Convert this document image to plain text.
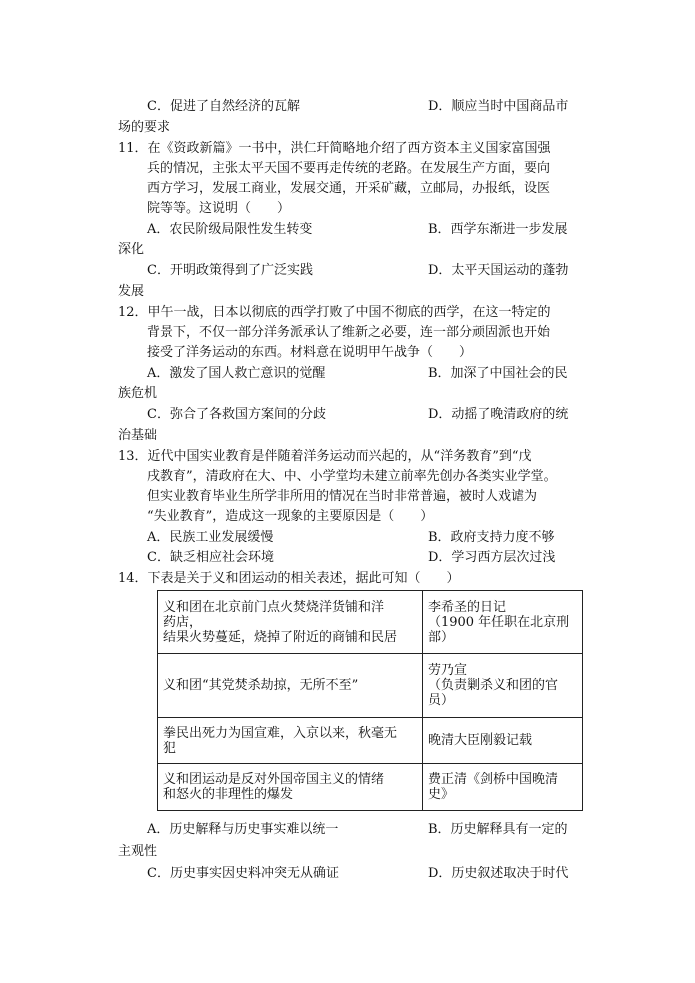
C．促进了自然经济的瓦解	D．顺应当时中国商品市
场的要求
11．在《资政新篇》一书中，洪仁玕简略地介绍了西方资本主义国家富国强
兵的情况，主张太平天国不要再走传统的老路。在发展生产方面，要向
西方学习，发展工商业，发展交通，开采矿藏，立邮局，办报纸，设医
院等等。这说明（　　）
A．农民阶级局限性发生转变	B．西学东渐进一步发展
深化
C．开明政策得到了广泛实践	D．太平天国运动的蓬勃
发展
12．甲午一战，日本以彻底的西学打败了中国不彻底的西学，在这一特定的
背景下，不仅一部分洋务派承认了维新之必要，连一部分顽固派也开始
接受了洋务运动的东西。材料意在说明甲午战争（　　）
A．激发了国人救亡意识的觉醒	B．加深了中国社会的民
族危机
C．弥合了各救国方案间的分歧	D．动摇了晚清政府的统
治基础
13．近代中国实业教育是伴随着洋务运动而兴起的，从“洋务教育”到“戊
戌教育”，清政府在大、中、小学堂均未建立前率先创办各类实业学堂。
但实业教育毕业生所学非所用的情况在当时非常普遍，被时人戏谑为
“失业教育”，造成这一现象的主要原因是（　　）
A．民族工业发展缓慢	B．政府支持力度不够
C．缺乏相应社会环境	D．学习西方层次过浅
14．下表是关于义和团运动的相关表述，据此可知（　　）
义和团在北京前门点火焚烧洋货铺和洋
药店，
结果火势蔓延，烧掉了附近的商铺和民居	李希圣的日记
（1900 年任职在北京刑
部）
义和团“其党焚杀劫掠，无所不至”	劳乃宣
（负责剿杀义和团的官
员）
拳民出死力为国宣难，入京以来，秋毫无
犯	晚清大臣刚毅记载
义和团运动是反对外国帝国主义的情绪
和怒火的非理性的爆发	费正清《剑桥中国晚清
史》
A．历史解释与历史事实难以统一	B．历史解释具有一定的
主观性
C．历史事实因史料冲突无从确证	D．历史叙述取决于时代
